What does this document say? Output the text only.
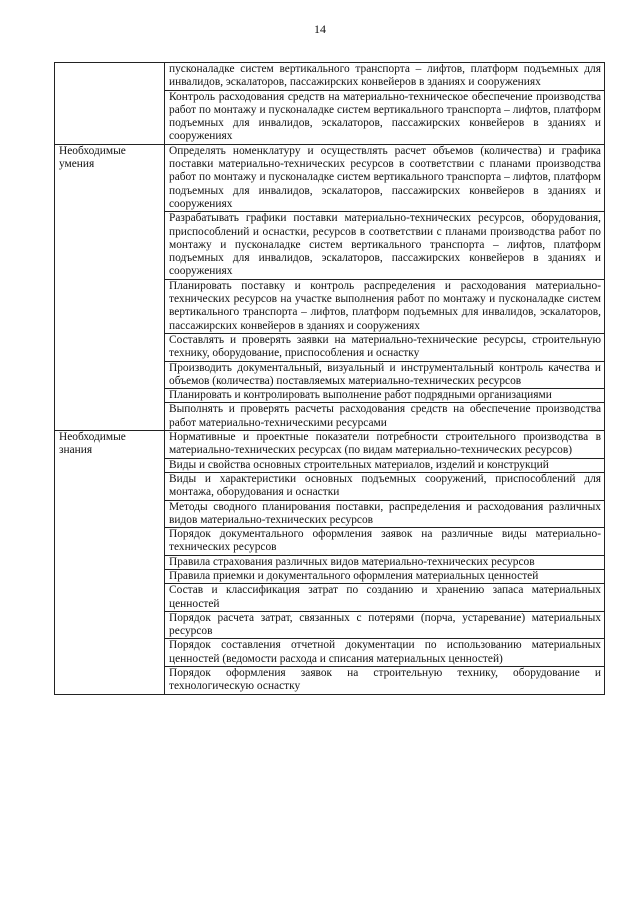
14
	пусконаладке систем вертикального транспорта – лифтов, платформ подъемных для инвалидов, эскалаторов, пассажирских конвейеров в зданиях и сооружениях
	Контроль расходования средств на материально-техническое обеспечение производства работ по монтажу и пусконаладке систем вертикального транспорта – лифтов, платформ подъемных для инвалидов, эскалаторов, пассажирских конвейеров в зданиях и сооружениях
Необходимые умения	Определять номенклатуру и осуществлять расчет объемов (количества) и графика поставки материально-технических ресурсов в соответствии с планами производства работ по монтажу и пусконаладке систем вертикального транспорта – лифтов, платформ подъемных для инвалидов, эскалаторов, пассажирских конвейеров в зданиях и сооружениях
	Разрабатывать графики поставки материально-технических ресурсов, оборудования, приспособлений и оснастки, ресурсов в соответствии с планами производства работ по монтажу и пусконаладке систем вертикального транспорта – лифтов, платформ подъемных для инвалидов, эскалаторов, пассажирских конвейеров в зданиях и сооружениях
	Планировать поставку и контроль распределения и расходования материально-технических ресурсов на участке выполнения работ по монтажу и пусконаладке систем вертикального транспорта – лифтов, платформ подъемных для инвалидов, эскалаторов, пассажирских конвейеров в зданиях и сооружениях
	Составлять и проверять заявки на материально-технические ресурсы, строительную технику, оборудование, приспособления и оснастку
	Производить документальный, визуальный и инструментальный контроль качества и объемов (количества) поставляемых материально-технических ресурсов
	Планировать и контролировать выполнение работ подрядными организациями
	Выполнять и проверять расчеты расходования средств на обеспечение производства работ материально-техническими ресурсами
Необходимые знания	Нормативные и проектные показатели потребности строительного производства в материально-технических ресурсах (по видам материально-технических ресурсов)
	Виды и свойства основных строительных материалов, изделий и конструкций
	Виды и характеристики основных подъемных сооружений, приспособлений для монтажа, оборудования и оснастки
	Методы сводного планирования поставки, распределения и расходования различных видов материально-технических ресурсов
	Порядок документального оформления заявок на различные виды материально-технических ресурсов
	Правила страхования различных видов материально-технических ресурсов
	Правила приемки и документального оформления материальных ценностей
	Состав и классификация затрат по созданию и хранению запаса материальных ценностей
	Порядок расчета затрат, связанных с потерями (порча, устаревание) материальных ресурсов
	Порядок составления отчетной документации по использованию материальных ценностей (ведомости расхода и списания материальных ценностей)
	Порядок оформления заявок на строительную технику, оборудование и технологическую оснастку
